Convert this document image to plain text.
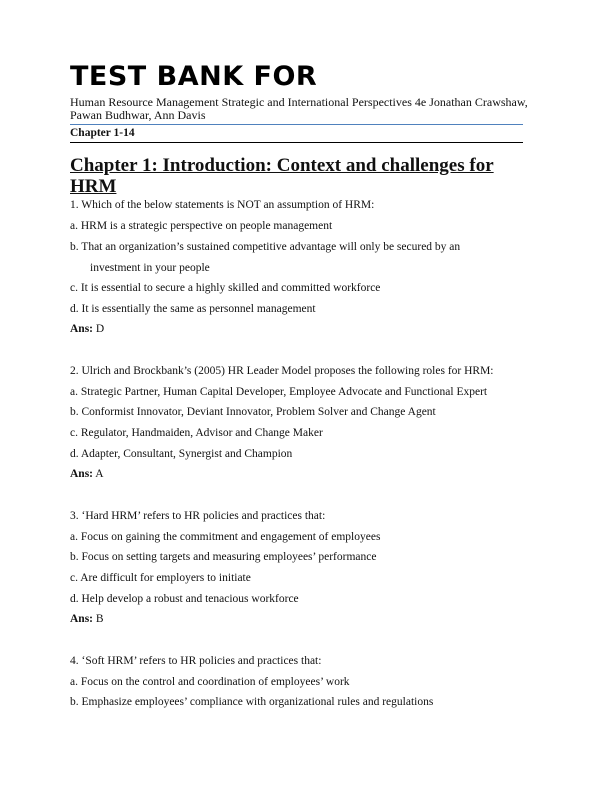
TEST BANK FOR
Human Resource Management Strategic and International Perspectives 4e Jonathan Crawshaw, Pawan Budhwar, Ann Davis
Chapter 1-14
Chapter 1: Introduction: Context and challenges for HRM
1. Which of the below statements is NOT an assumption of HRM:
a. HRM is a strategic perspective on people management
b. That an organization’s sustained competitive advantage will only be secured by an
investment in your people
c. It is essential to secure a highly skilled and committed workforce
d. It is essentially the same as personnel management
Ans: D
2. Ulrich and Brockbank’s (2005) HR Leader Model proposes the following roles for HRM:
a. Strategic Partner, Human Capital Developer, Employee Advocate and Functional Expert
b. Conformist Innovator, Deviant Innovator, Problem Solver and Change Agent
c. Regulator, Handmaiden, Advisor and Change Maker
d. Adapter, Consultant, Synergist and Champion
Ans: A
3. ‘Hard HRM’ refers to HR policies and practices that:
a. Focus on gaining the commitment and engagement of employees
b. Focus on setting targets and measuring employees’ performance
c. Are difficult for employers to initiate
d. Help develop a robust and tenacious workforce
Ans: B
4. ‘Soft HRM’ refers to HR policies and practices that:
a. Focus on the control and coordination of employees’ work
b. Emphasize employees’ compliance with organizational rules and regulations
